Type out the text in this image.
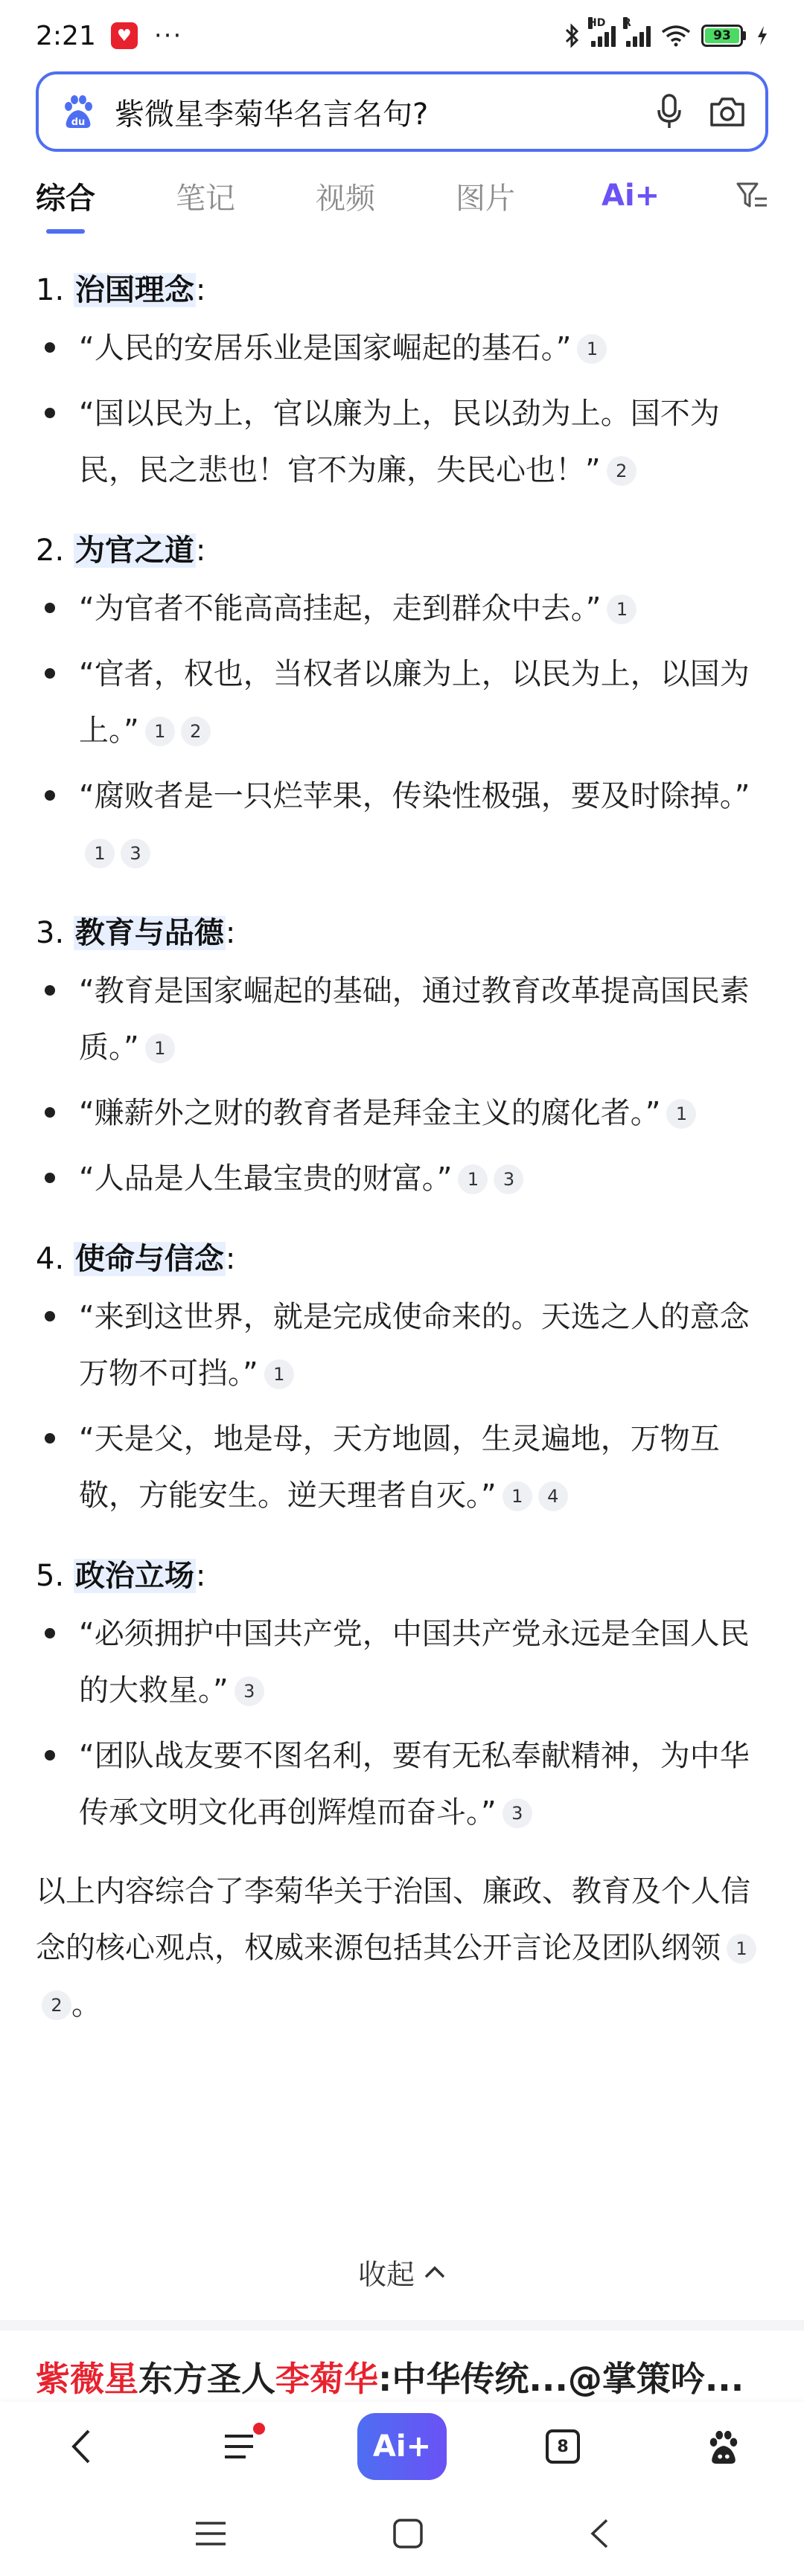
2:21	♥ ···	HD R
93
du 紫微星李菊华名言名句?
综合	笔记	视频	图片	Ai+
1. 治国理念:
“人民的安居乐业是国家崛起的基石。” 1
“国以民为上，官以廉为上，民以劲为上。国不为民，民之悲也！官不为廉，失民心也！” 2
2. 为官之道:
“为官者不能高高挂起，走到群众中去。” 1
“官者，权也，当权者以廉为上，以民为上，以国为上。” 1 2
“腐败者是一只烂苹果，传染性极强，要及时除掉。”1 3
3. 教育与品德:
“教育是国家崛起的基础，通过教育改革提高国民素质。” 1
“赚薪外之财的教育者是拜金主义的腐化者。” 1
“人品是人生最宝贵的财富。” 1 3
4. 使命与信念:
“来到这世界，就是完成使命来的。天选之人的意念万物不可挡。” 1
“天是父，地是母，天方地圆，生灵遍地，万物互敬，方能安生。逆天理者自灭。” 1 4
5. 政治立场:
“必须拥护中国共产党，中国共产党永远是全国人民的大救星。” 3
“团队战友要不图名利，要有无私奉献精神，为中华传承文明文化再创辉煌而奋斗。” 3
以上内容综合了李菊华关于治国、廉政、教育及个人信念的核心观点，权威来源包括其公开言论及团队纲领 12 。
收起
紫薇星东方圣人李菊华:中华传统...@掌策吟...
Ai+	8
